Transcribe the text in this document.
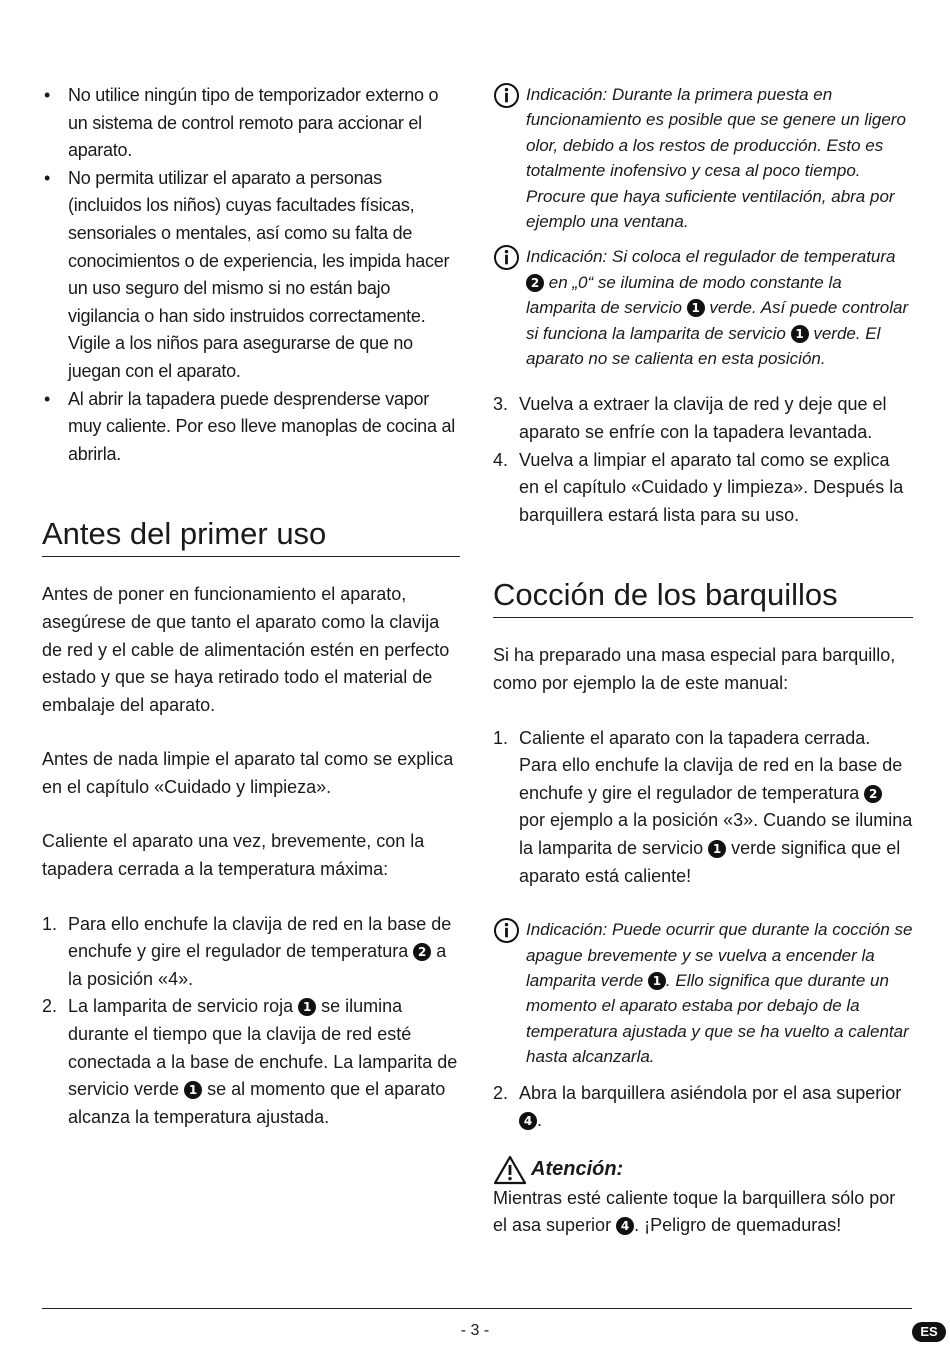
• No utilice ningún tipo de temporizador externo o un sistema de control remoto para accionar el aparato.
• No permita utilizar el aparato a personas (incluidos los niños) cuyas facultades físicas, sensoriales o mentales, así como su falta de conocimientos o de experiencia, les impida hacer un uso seguro del mismo si no están bajo vigilancia o han sido instruidos correctamente. Vigile a los niños para asegurarse de que no juegan con el aparato.
• Al abrir la tapadera puede desprenderse vapor muy caliente. Por eso lleve manoplas de cocina al abrirla.
Antes del primer uso

Antes de poner en funcionamiento el aparato, asegúrese de que tanto el aparato como la clavija de red y el cable de alimentación estén en perfecto estado y que se haya retirado todo el material de embalaje del aparato.

Antes de nada limpie el aparato tal como se explica en el capítulo «Cuidado y limpieza».

Caliente el aparato una vez, brevemente, con la tapadera cerrada a la temperatura máxima:

1. Para ello enchufe la clavija de red en la base de enchufe y gire el regulador de temperatura 2 a la posición «4».
2. La lamparita de servicio roja 1 se ilumina durante el tiempo que la clavija de red esté conectada a la base de enchufe. La lamparita de servicio verde 1 se al momento que el aparato alcanza la temperatura ajustada.
Indicación: Durante la primera puesta en funcionamiento es posible que se genere un ligero olor, debido a los restos de producción. Esto es totalmente inofensivo y cesa al poco tiempo. Procure que haya suficiente ventilación, abra por ejemplo una ventana.
Indicación: Si coloca el regulador de temperatura 2 en „0“ se ilumina de modo constante la lamparita de servicio 1 verde. Así puede controlar si funciona la lamparita de servicio 1 verde. El aparato no se calienta en esta posición.
3. Vuelva a extraer la clavija de red y deje que el aparato se enfríe con la tapadera levantada.
4. Vuelva a limpiar el aparato tal como se explica en el capítulo «Cuidado y limpieza». Después la barquillera estará lista para su uso.
Cocción de los barquillos

Si ha preparado una masa especial para barquillo, como por ejemplo la de este manual:

1. Caliente el aparato con la tapadera cerrada. Para ello enchufe la clavija de red en la base de enchufe y gire el regulador de temperatura 2 por ejemplo a la posición «3». Cuando se ilumina la lamparita de servicio 1 verde significa que el aparato está caliente!
Indicación: Puede ocurrir que durante la cocción se apague brevemente y se vuelva a encender la lamparita verde 1 . Ello significa que durante un momento el aparato estaba por debajo de la temperatura ajustada y que se ha vuelto a calentar hasta alcanzarla.
2. Abra la barquillera asiéndola por el asa superior 4 .
Atención:

Mientras esté caliente toque la barquillera sólo por el asa superior 4 . ¡Peligro de quemaduras!

- 3 -	ES
